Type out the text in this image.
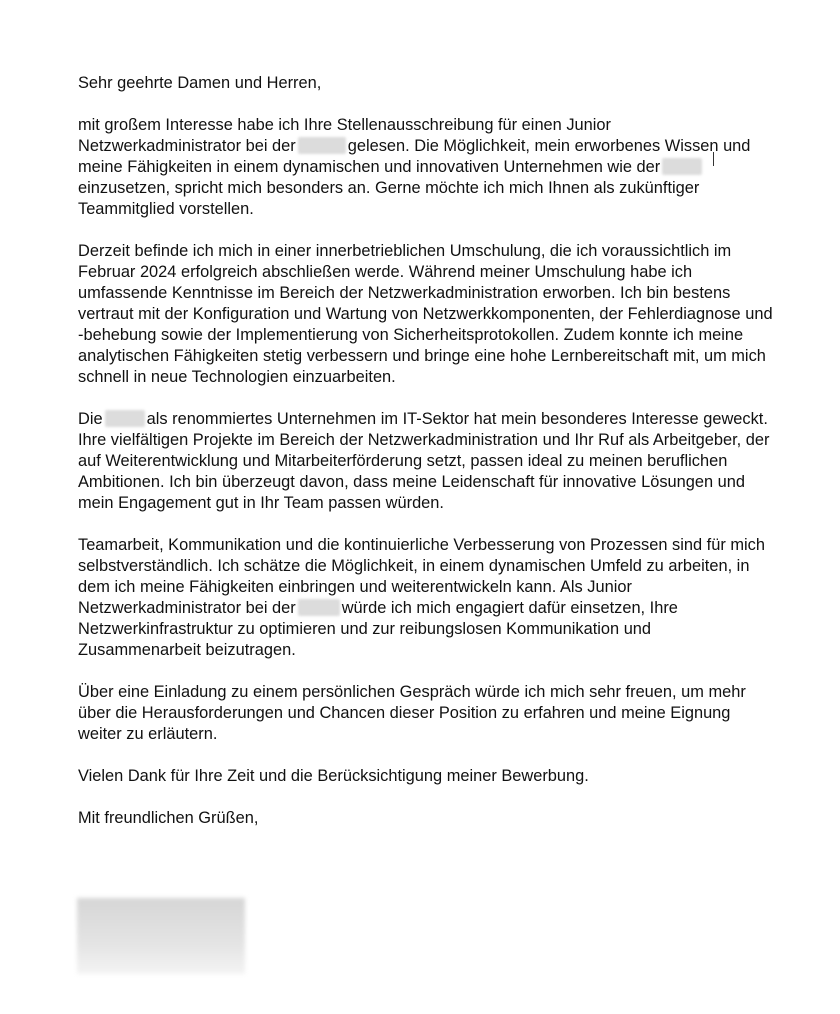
Sehr geehrte Damen und Herren,

mit großem Interesse habe ich Ihre Stellenausschreibung für einen Junior Netzwerkadministrator bei der	gelesen. Die Möglichkeit, mein erworbenes Wissen und meine Fähigkeiten in einem dynamischen und innovativen Unternehmen wie dereinzusetzen, spricht mich besonders an. Gerne möchte ich mich Ihnen als zukünftiger Teammitglied vorstellen.

Derzeit befinde ich mich in einer innerbetrieblichen Umschulung, die ich voraussichtlich im Februar 2024 erfolgreich abschließen werde. Während meiner Umschulung habe ich umfassende Kenntnisse im Bereich der Netzwerkadministration erworben. Ich bin bestens vertraut mit der Konfiguration und Wartung von Netzwerkkomponenten, der Fehlerdiagnose und -behebung sowie der Implementierung von Sicherheitsprotokollen. Zudem konnte ich meine analytischen Fähigkeiten stetig verbessern und bringe eine hohe Lernbereitschaft mit, um mich schnell in neue Technologien einzuarbeiten.

Die	als renommiertes Unternehmen im IT-Sektor hat mein besonderes Interesse geweckt. Ihre vielfältigen Projekte im Bereich der Netzwerkadministration und Ihr Ruf als Arbeitgeber, der auf Weiterentwicklung und Mitarbeiterförderung setzt, passen ideal zu meinen beruflichen Ambitionen. Ich bin überzeugt davon, dass meine Leidenschaft für innovative Lösungen und mein Engagement gut in Ihr Team passen würden.

Teamarbeit, Kommunikation und die kontinuierliche Verbesserung von Prozessen sind für mich selbstverständlich. Ich schätze die Möglichkeit, in einem dynamischen Umfeld zu arbeiten, in dem ich meine Fähigkeiten einbringen und weiterentwickeln kann. Als Junior Netzwerkadministrator bei der	würde ich mich engagiert dafür einsetzen, Ihre Netzwerkinfrastruktur zu optimieren und zur reibungslosen Kommunikation und Zusammenarbeit beizutragen.

Über eine Einladung zu einem persönlichen Gespräch würde ich mich sehr freuen, um mehr über die Herausforderungen und Chancen dieser Position zu erfahren und meine Eignung weiter zu erläutern.

Vielen Dank für Ihre Zeit und die Berücksichtigung meiner Bewerbung.

Mit freundlichen Grüßen,
